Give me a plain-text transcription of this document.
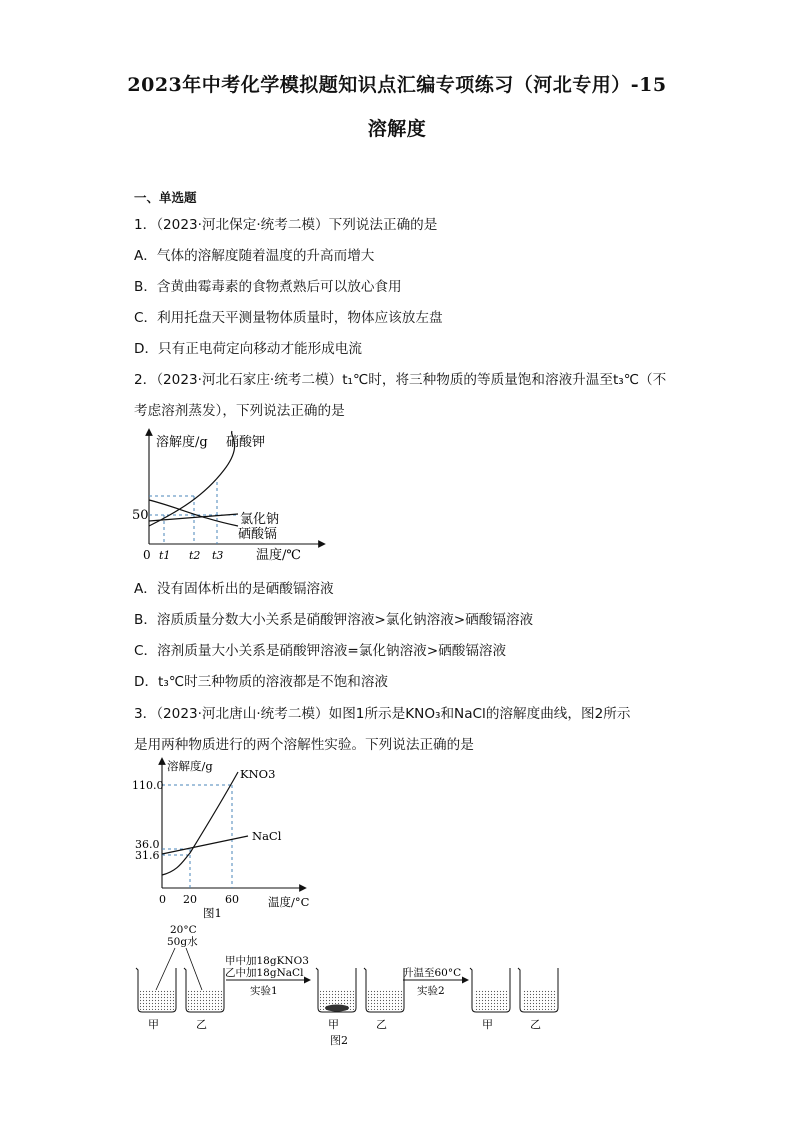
2023年中考化学模拟题知识点汇编专项练习（河北专用）-15
溶解度
一、单选题
1．（2023·河北保定·统考二模）下列说法正确的是
A．气体的溶解度随着温度的升高而增大
B．含黄曲霉毒素的食物煮熟后可以放心食用
C．利用托盘天平测量物体质量时，物体应该放左盘
D．只有正电荷定向移动才能形成电流
2．（2023·河北石家庄·统考二模）t₁℃时，将三种物质的等质量饱和溶液升温至t₃℃（不
考虑溶剂蒸发），下列说法正确的是
溶解度/g 硝酸钾
氯化钠
硒酸镉
50
0 t1 t2 t3	温度/℃
A．没有固体析出的是硒酸镉溶液
B．溶质质量分数大小关系是硝酸钾溶液>氯化钠溶液>硒酸镉溶液
C．溶剂质量大小关系是硝酸钾溶液=氯化钠溶液>硒酸镉溶液
D．t₃℃时三种物质的溶液都是不饱和溶液
3．（2023·河北唐山·统考二模）如图1所示是KNO₃和NaCl的溶解度曲线，图2所示
是用两种物质进行的两个溶解性实验。下列说法正确的是
溶解度/g
KNO3
NaCl
110.0
36.0
31.6
0 20	60	温度/°C
图1
20°C
50g水
甲	乙
甲中加18gKNO3
乙中加18gNaCl
实验1
甲	乙
升温至60°C
实验2
甲	乙
图2
